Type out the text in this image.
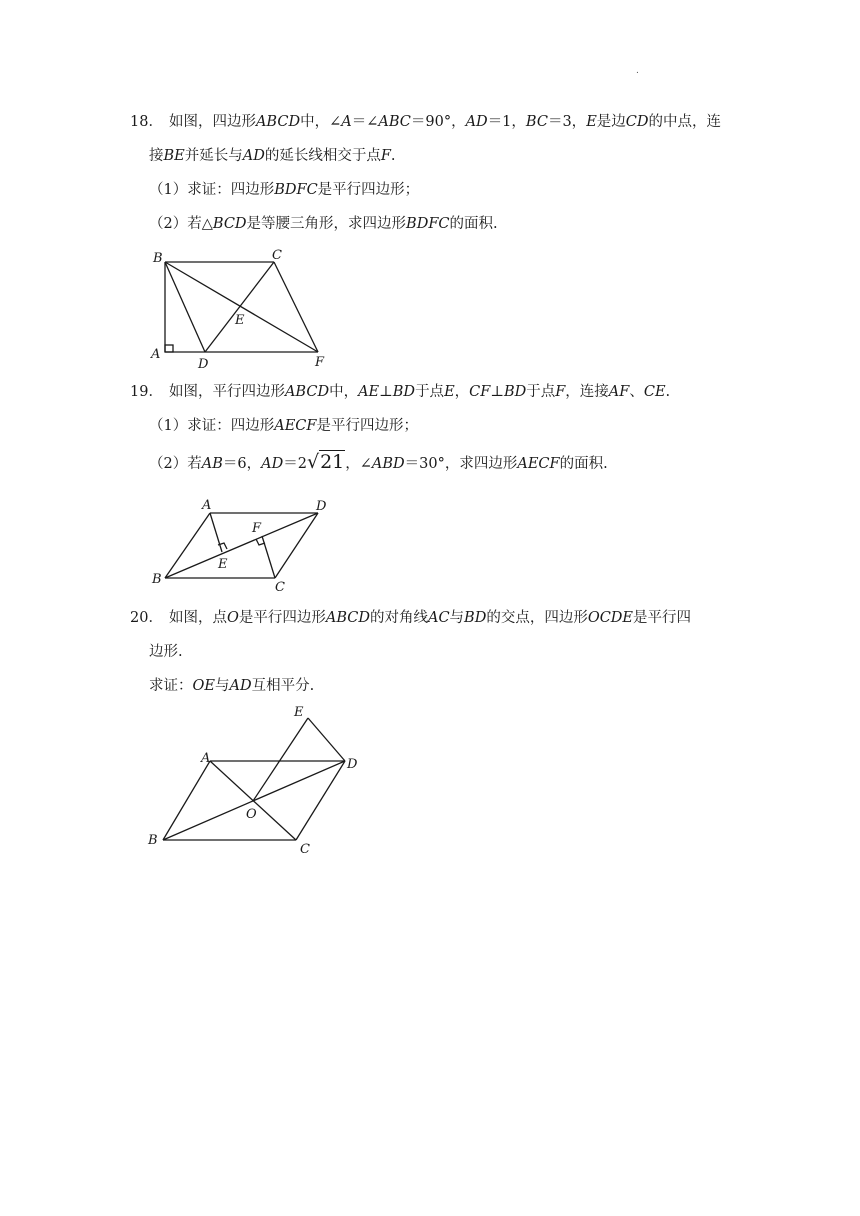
.
18． 如图，四边形ABCD中，∠A＝∠ABC＝90°，AD＝1，BC＝3，E是边CD的中点，连
接BE并延长与AD的延长线相交于点F.
（1）求证：四边形BDFC是平行四边形；
（2）若△BCD是等腰三角形，求四边形BDFC的面积.
19． 如图，平行四边形ABCD中，AE⊥BD于点E，CF⊥BD于点F，连接AF、CE.
（1）求证：四边形AECF是平行四边形；
（2）若AB＝6，AD＝2√21，∠ABD＝30°，求四边形AECF的面积.
20． 如图，点O是平行四边形ABCD的对角线AC与BD的交点，四边形OCDE是平行四
边形.
求证：OE与AD互相平分.
B	C
E
A
D	F
A	D
F
E
B
C
E
A	D
O
B
C
